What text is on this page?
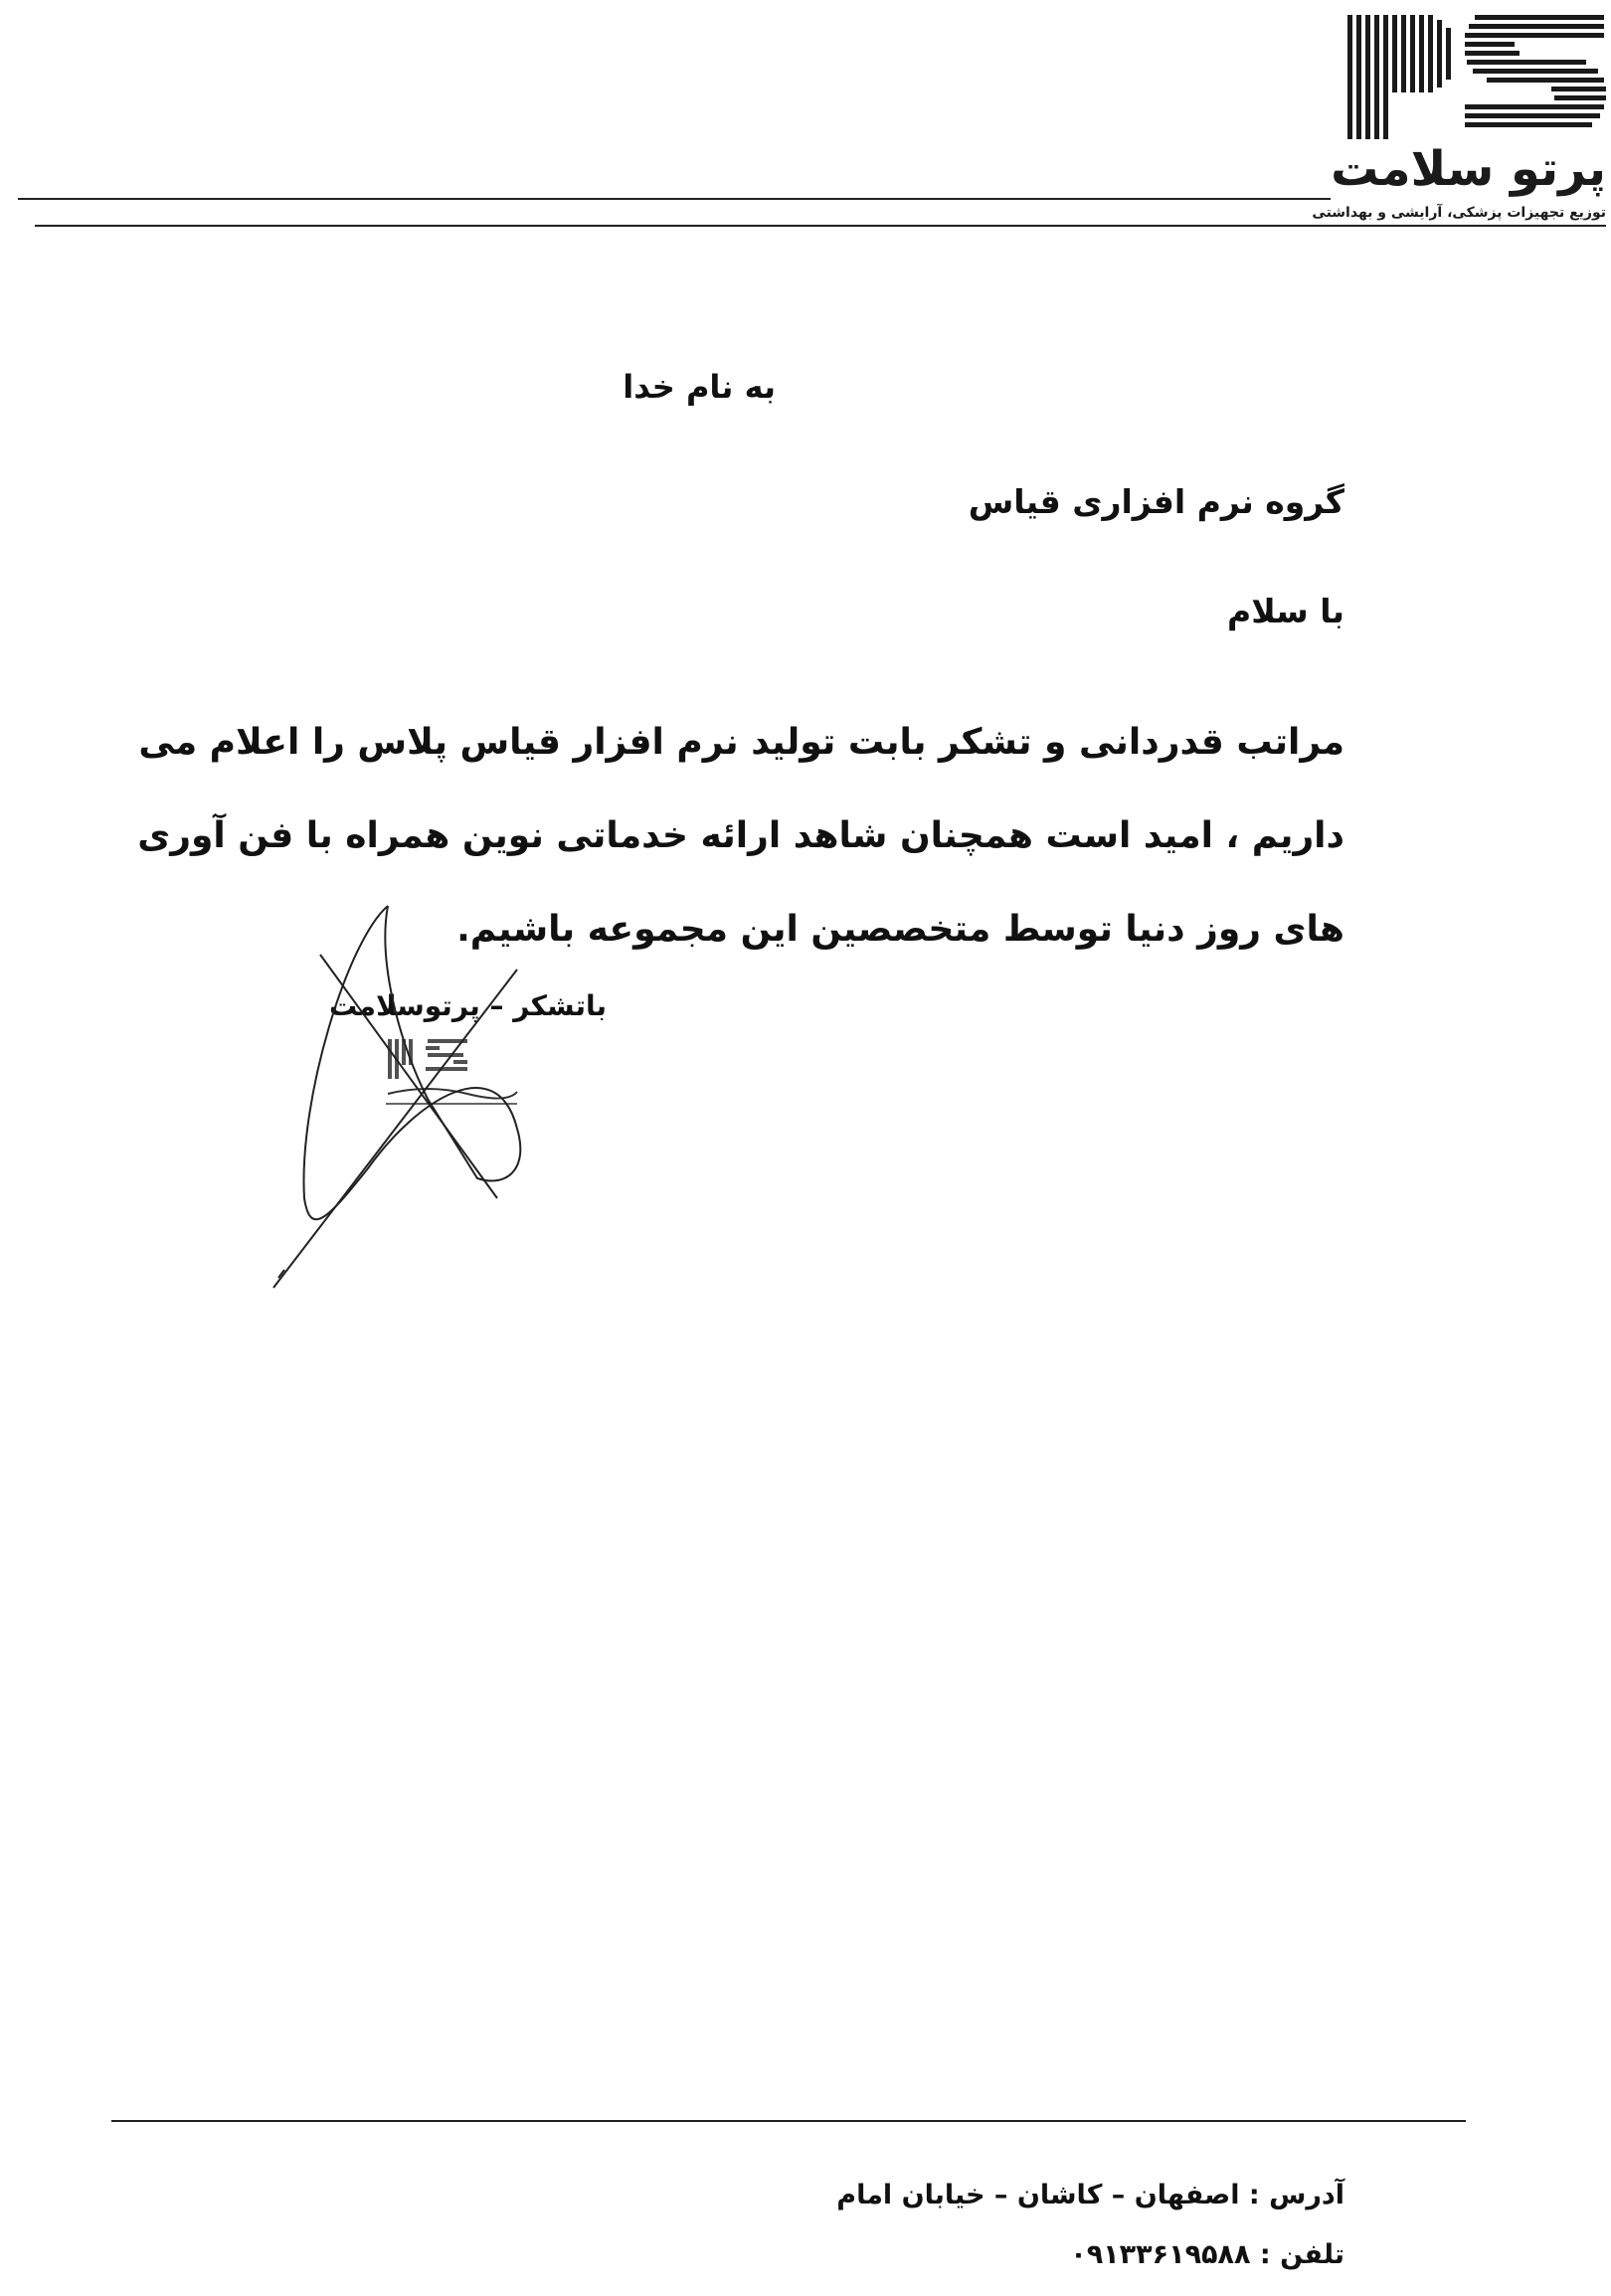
پرتو سلامت
توزیع تجهیزات پزشکی، آرایشی و بهداشتی
به نام خدا
گروه نرم افزاری قیاس
با سلام
مراتب قدردانی و تشکر بابت تولید نرم افزار قیاس پلاس را اعلام می
داریم ، امید است همچنان شاهد ارائه خدماتی نوین همراه با فن آوری
های روز دنیا توسط متخصصین این مجموعه باشیم.
باتشکر – پرتوسلامت
آدرس : اصفهان – کاشان – خیابان امام
تلفن : ۰۹۱۳۳۶۱۹۵۸۸
